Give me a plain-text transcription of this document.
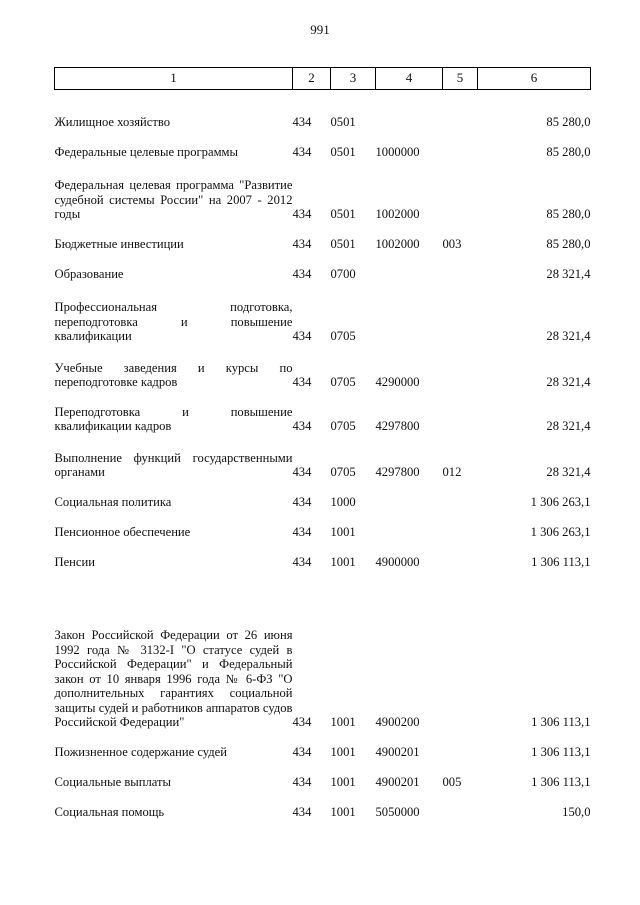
991
1	2	3	4	5	6
Жилищное хозяйство	434	0501			85 280,0
Федеральные целевые программы	434	0501	1000000		85 280,0
Федеральная целевая программа "Развитие судебной системы России" на 2007 - 2012 годы	434	0501	1002000		85 280,0
Бюджетные инвестиции	434	0501	1002000	003	85 280,0
Образование	434	0700			28 321,4
Профессиональная подготовка, переподготовка и повышение квалификации	434	0705			28 321,4
Учебные заведения и курсы по переподготовке кадров	434	0705	4290000		28 321,4
Переподготовка и повышение квалификации кадров	434	0705	4297800		28 321,4
Выполнение функций государственными органами	434	0705	4297800	012	28 321,4
Социальная политика	434	1000			1 306 263,1
Пенсионное обеспечение	434	1001			1 306 263,1
Пенсии	434	1001	4900000		1 306 113,1
Закон Российской Федерации от 26 июня 1992 года № 3132-I "О статусе судей в Российской Федерации" и Федеральный закон от 10 января 1996 года № 6-ФЗ "О дополнительных гарантиях социальной защиты судей и работников аппаратов судов Российской Федерации"	434	1001	4900200		1 306 113,1
Пожизненное содержание судей	434	1001	4900201		1 306 113,1
Социальные выплаты	434	1001	4900201	005	1 306 113,1
Социальная помощь	434	1001	5050000		150,0
